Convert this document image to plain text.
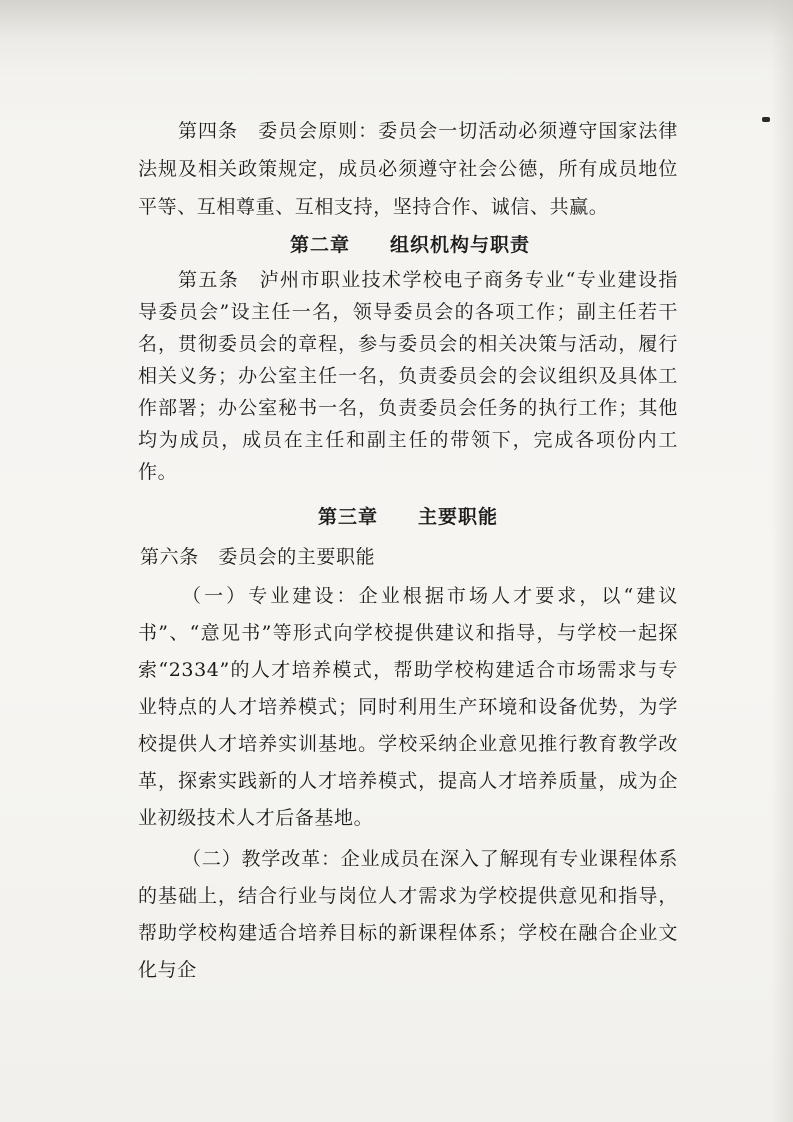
第四条　委员会原则：委员会一切活动必须遵守国家法律法规及相关政策规定，成员必须遵守社会公德，所有成员地位平等、互相尊重、互相支持，坚持合作、诚信、共赢。

第二章 组织机构与职责

第五条　泸州市职业技术学校电子商务专业“专业建设指导委员会”设主任一名，领导委员会的各项工作；副主任若干名，贯彻委员会的章程，参与委员会的相关决策与活动，履行相关义务；办公室主任一名，负责委员会的会议组织及具体工作部署；办公室秘书一名，负责委员会任务的执行工作；其他均为成员，成员在主任和副主任的带领下，完成各项份内工作。

第三章 主要职能

第六条　委员会的主要职能

（一）专业建设：企业根据市场人才要求，以“建议书”、“意见书”等形式向学校提供建议和指导，与学校一起探索“2334”的人才培养模式，帮助学校构建适合市场需求与专业特点的人才培养模式；同时利用生产环境和设备优势，为学校提供人才培养实训基地。学校采纳企业意见推行教育教学改革，探索实践新的人才培养模式，提高人才培养质量，成为企业初级技术人才后备基地。

（二）教学改革：企业成员在深入了解现有专业课程体系的基础上，结合行业与岗位人才需求为学校提供意见和指导，帮助学校构建适合培养目标的新课程体系；学校在融合企业文化与企
